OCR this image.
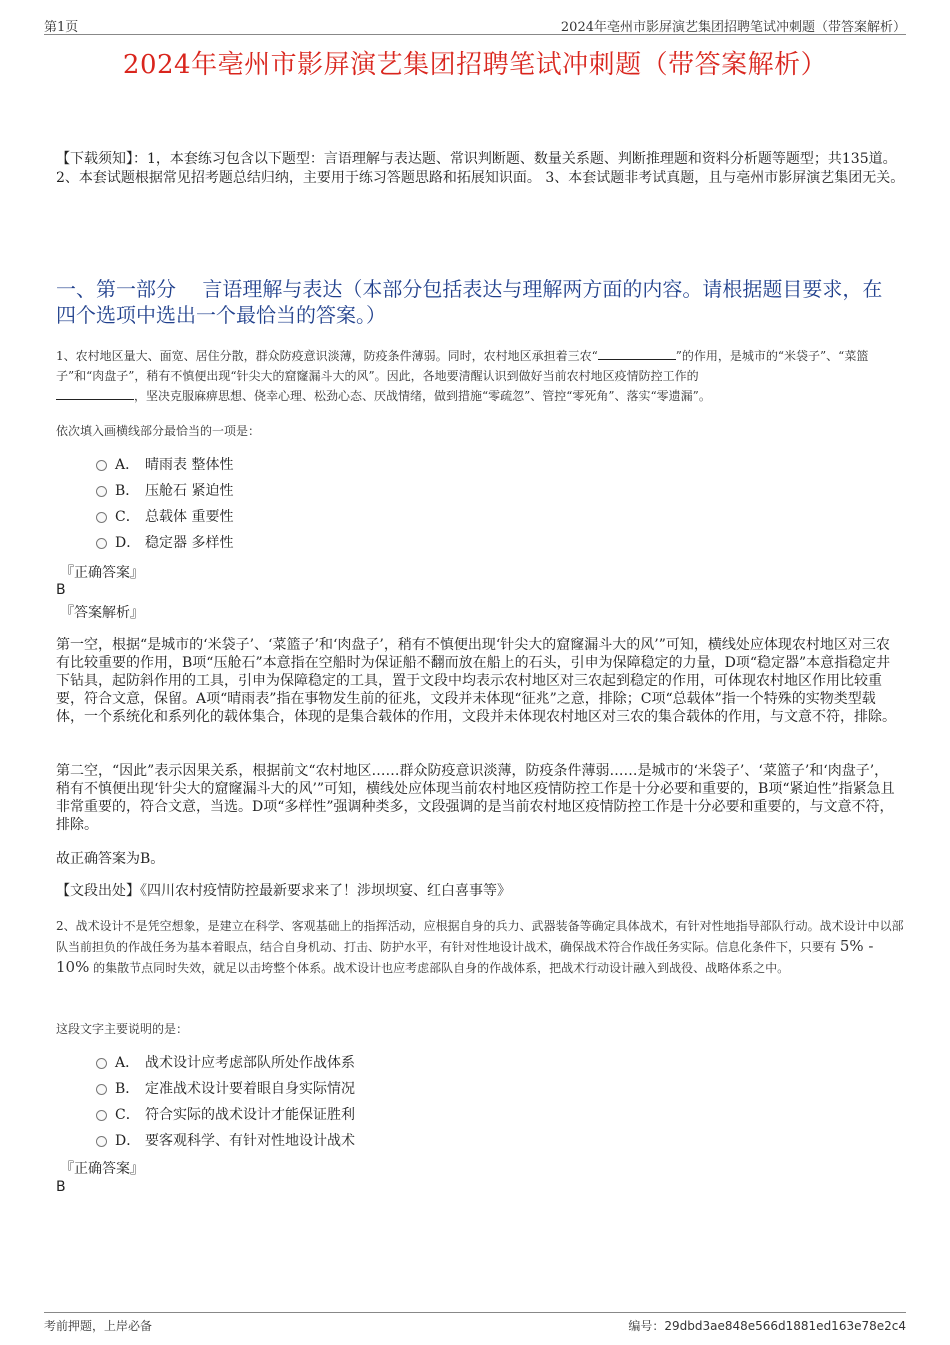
第1页	2024年亳州市影屏演艺集团招聘笔试冲刺题（带答案解析）
2024年亳州市影屏演艺集团招聘笔试冲刺题（带答案解析）
【下载须知】：1，本套练习包含以下题型：言语理解与表达题、常识判断题、数量关系题、判断推理题和资料分析题等题型；共135道。 2、本套试题根据常见招考题总结归纳，主要用于练习答题思路和拓展知识面。 3、本套试题非考试真题，且与亳州市影屏演艺集团无关。
一、第一部分　 言语理解与表达（本部分包括表达与理解两方面的内容。请根据题目要求，在四个选项中选出一个最恰当的答案。）
1、农村地区量大、面宽、居住分散，群众防疫意识淡薄，防疫条件薄弱。同时，农村地区承担着三农“	”的作用，是城市的“米袋子”、“菜篮子”和“肉盘子”，稍有不慎便出现“针尖大的窟窿漏斗大的风”。因此，各地要清醒认识到做好当前农村地区疫情防控工作的
，坚决克服麻痹思想、侥幸心理、松劲心态、厌战情绪，做到措施“零疏忽”、管控“零死角”、落实“零遗漏”。
依次填入画横线部分最恰当的一项是：
A． 晴雨表 整体性
B． 压舱石 紧迫性
C． 总载体 重要性
D． 稳定器 多样性
『正确答案』
B
『答案解析』
第一空，根据“是城市的‘米袋子’、‘菜篮子’和‘肉盘子’，稍有不慎便出现‘针尖大的窟窿漏斗大的风’”可知，横线处应体现农村地区对三农有比较重要的作用，B项“压舱石”本意指在空船时为保证船不翻而放在船上的石头，引申为保障稳定的力量，D项“稳定器”本意指稳定井下钻具，起防斜作用的工具，引申为保障稳定的工具，置于文段中均表示农村地区对三农起到稳定的作用，可体现农村地区作用比较重要，符合文意，保留。A项“晴雨表”指在事物发生前的征兆，文段并未体现“征兆”之意，排除；C项“总载体”指一个特殊的实物类型载体，一个系统化和系列化的载体集合，体现的是集合载体的作用，文段并未体现农村地区对三农的集合载体的作用，与文意不符，排除。
第二空，“因此”表示因果关系，根据前文“农村地区……群众防疫意识淡薄，防疫条件薄弱……是城市的‘米袋子’、‘菜篮子’和‘肉盘子’，稍有不慎便出现‘针尖大的窟窿漏斗大的风’”可知，横线处应体现当前农村地区疫情防控工作是十分必要和重要的，B项“紧迫性”指紧急且非常重要的，符合文意，当选。D项“多样性”强调种类多，文段强调的是当前农村地区疫情防控工作是十分必要和重要的，与文意不符，排除。
故正确答案为B。
【文段出处】《四川农村疫情防控最新要求来了！涉坝坝宴、红白喜事等》
2、战术设计不是凭空想象，是建立在科学、客观基础上的指挥活动，应根据自身的兵力、武器装备等确定具体战术，有针对性地指导部队行动。战术设计中以部队当前担负的作战任务为基本着眼点，结合自身机动、打击、防护水平，有针对性地设计战术，确保战术符合作战任务实际。信息化条件下，只要有 5% - 10% 的集散节点同时失效，就足以击垮整个体系。战术设计也应考虑部队自身的作战体系，把战术行动设计融入到战役、战略体系之中。
这段文字主要说明的是：
A． 战术设计应考虑部队所处作战体系
B． 定准战术设计要着眼自身实际情况
C． 符合实际的战术设计才能保证胜利
D． 要客观科学、有针对性地设计战术
『正确答案』
B
考前押题，上岸必备	编号：29dbd3ae848e566d1881ed163e78e2c4
